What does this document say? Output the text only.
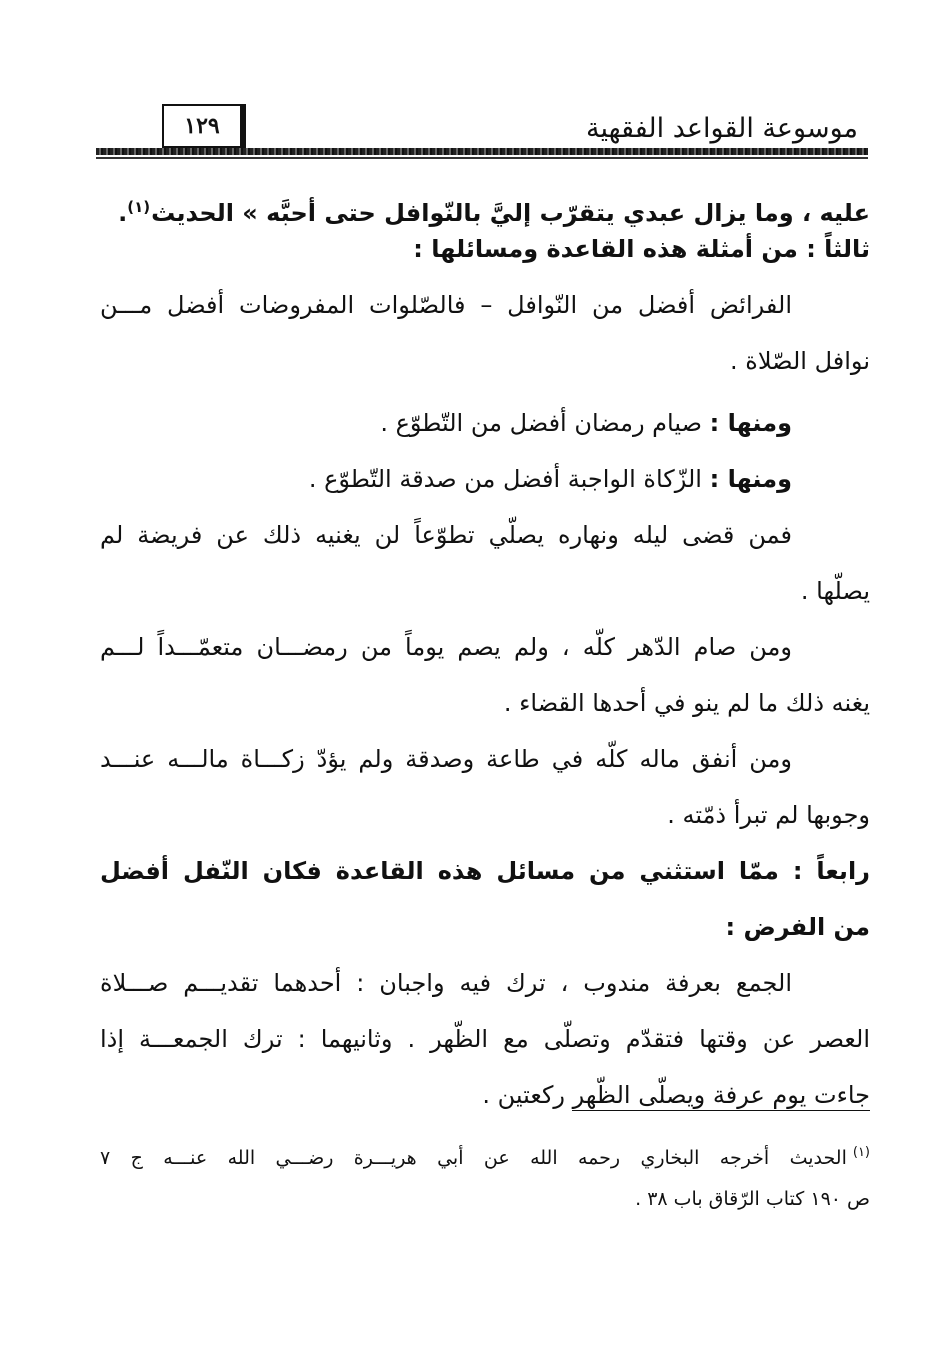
موسوعة القواعد الفقهية
١٢٩
عليه ، وما يزال عبدي يتقرّب إليَّ بالنّوافل حتى أحبَّه » الحديث$^{(١)}$.
ثالثاً : من أمثلة هذه القاعدة ومسائلها :
الفرائض أفضل من النّوافل – فالصّلوات المفروضات أفضل مـــن
نوافل الصّلاة .
ومنها : صيام رمضان أفضل من التّطوّع .
ومنها : الزّكاة الواجبة أفضل من صدقة التّطوّع .
فمن قضى ليله ونهاره يصلّي تطوّعاً لن يغنيه ذلك عن فريضة لم
يصلّها .
ومن صام الدّهر كلّه ، ولم يصم يوماً من رمضـــان متعمّـــداً لـــم
يغنه ذلك ما لم ينو في أحدها القضاء .
ومن أنفق ماله كلّه في طاعة وصدقة ولم يؤدّ زكـــاة مالـــه عنـــد
وجوبها لم تبرأ ذمّته .
رابعاً : ممّا استثني من مسائل هذه القاعدة فكان النّفل أفضل
من الفرض :
الجمع بعرفة مندوب ، ترك فيه واجبان : أحدهما تقديـــم صـــلاة
العصر عن وقتها فتقدّم وتصلّى مع الظّهر . وثانيهما : ترك الجمعـــة إذا
جاءت يوم عرفة ويصلّى الظّهر ركعتين .
$^{(١)}$الحديث أخرجه البخاري رحمه الله عن أبي هريـــرة رضـــي الله عنـــه ج ٧
ص ١٩٠ كتاب الرّقاق باب ٣٨ .
